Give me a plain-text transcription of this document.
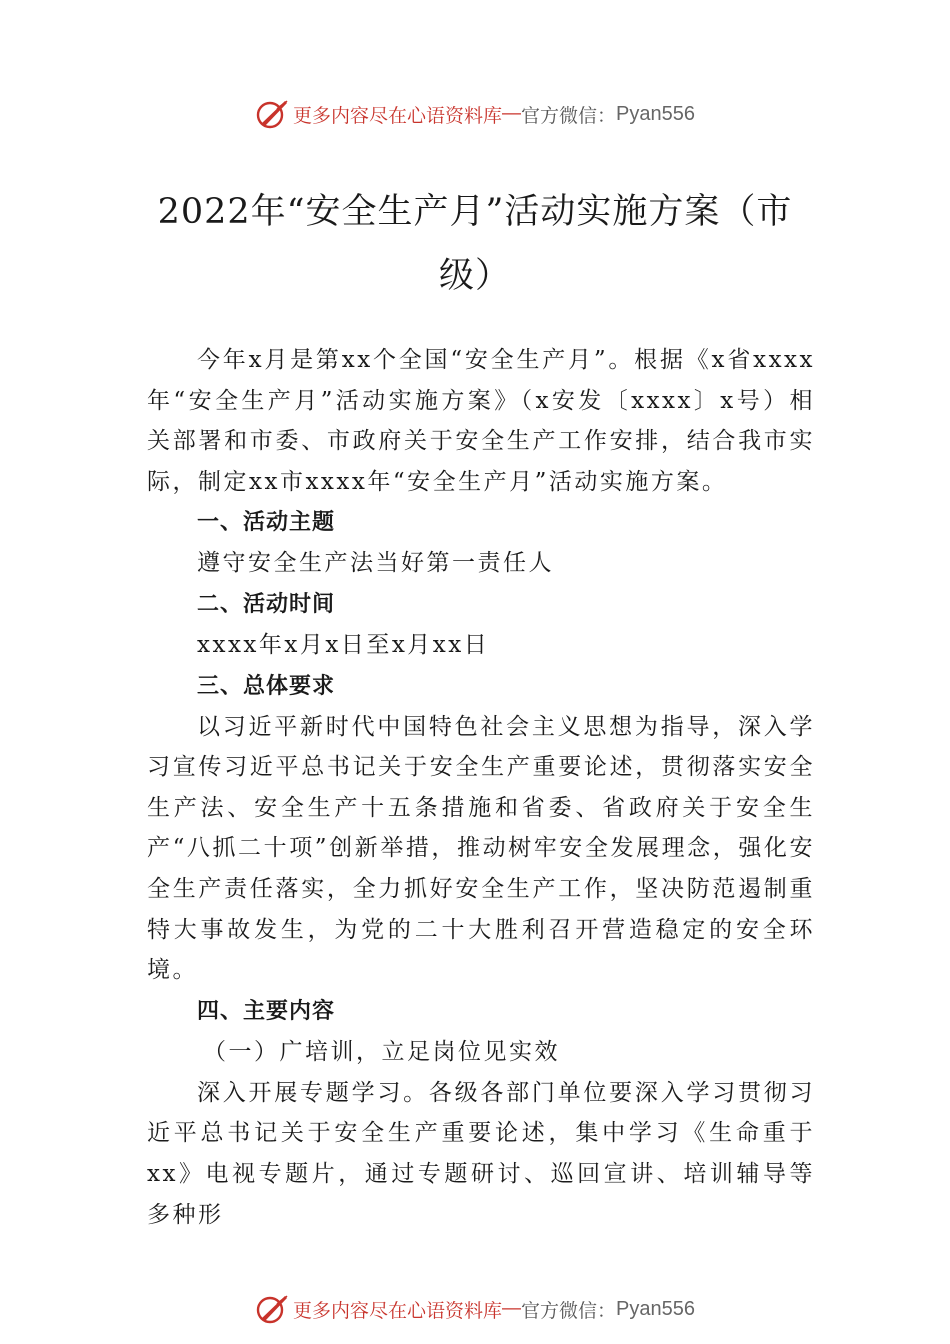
更多内容尽在心语资料库 — 官方微信： Pyan556
2022年“安全生产月”活动实施方案（市级）

今年x月是第xx个全国“安全生产月”。根据《x省xxxx年“安全生产月”活动实施方案》（x安发〔xxxx〕x号）相关部署和市委、市政府关于安全生产工作安排，结合我市实际，制定xx市xxxx年“安全生产月”活动实施方案。

一、活动主题

遵守安全生产法当好第一责任人

二、活动时间

xxxx年x月x日至x月xx日

三、总体要求

以习近平新时代中国特色社会主义思想为指导，深入学习宣传习近平总书记关于安全生产重要论述，贯彻落实安全生产法、安全生产十五条措施和省委、省政府关于安全生产“八抓二十项”创新举措，推动树牢安全发展理念，强化安全生产责任落实，全力抓好安全生产工作，坚决防范遏制重特大事故发生，为党的二十大胜利召开营造稳定的安全环境。

四、主要内容

（一）广培训，立足岗位见实效

深入开展专题学习。各级各部门单位要深入学习贯彻习近平总书记关于安全生产重要论述，集中学习《生命重于xx》电视专题片，通过专题研讨、巡回宣讲、培训辅导等多种形

更多内容尽在心语资料库 — 官方微信： Pyan556
